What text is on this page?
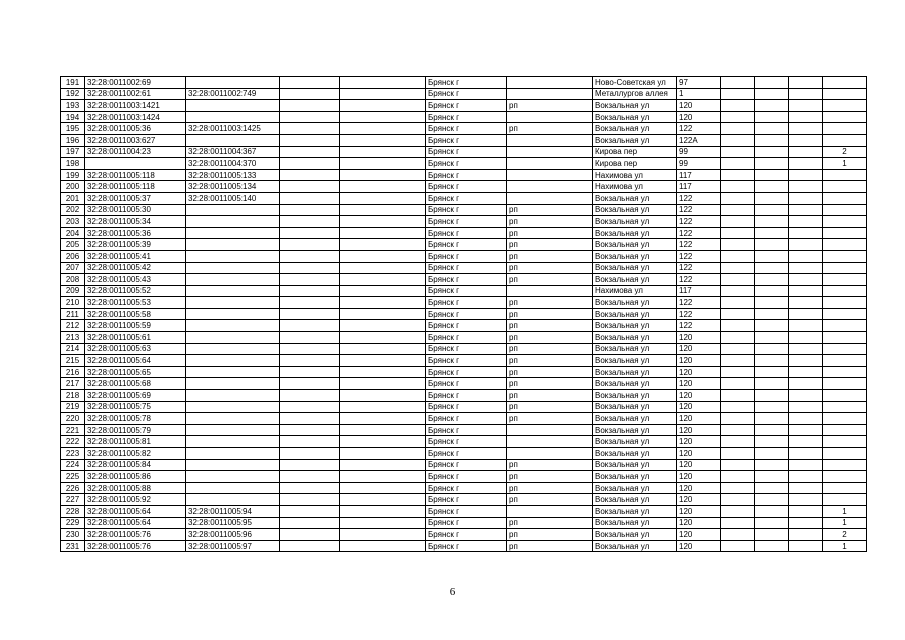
191	32:28:0011002:69				Брянск г		Ново-Советская ул	97				
192	32:28:0011002:61	32:28:0011002:749			Брянск г		Металлургов аллея	1				
193	32:28:0011003:1421				Брянск г	рп	Вокзальная ул	120				
194	32:28:0011003:1424				Брянск г		Вокзальная ул	120				
195	32:28:0011005:36	32:28:0011003:1425			Брянск г	рп	Вокзальная ул	122				
196	32:28:0011003:627				Брянск г		Вокзальная ул	122А				
197	32:28:0011004:23	32:28:0011004:367			Брянск г		Кирова пер	99				2
198		32:28:0011004:370			Брянск г		Кирова пер	99				1
199	32:28:0011005:118	32:28:0011005:133			Брянск г		Нахимова ул	117				
200	32:28:0011005:118	32:28:0011005:134			Брянск г		Нахимова ул	117				
201	32:28:0011005:37	32:28:0011005:140			Брянск г		Вокзальная ул	122				
202	32:28:0011005:30				Брянск г	рп	Вокзальная ул	122				
203	32:28:0011005:34				Брянск г	рп	Вокзальная ул	122				
204	32:28:0011005:36				Брянск г	рп	Вокзальная ул	122				
205	32:28:0011005:39				Брянск г	рп	Вокзальная ул	122				
206	32:28:0011005:41				Брянск г	рп	Вокзальная ул	122				
207	32:28:0011005:42				Брянск г	рп	Вокзальная ул	122				
208	32:28:0011005:43				Брянск г	рп	Вокзальная ул	122				
209	32:28:0011005:52				Брянск г		Нахимова ул	117				
210	32:28:0011005:53				Брянск г	рп	Вокзальная ул	122				
211	32:28:0011005:58				Брянск г	рп	Вокзальная ул	122				
212	32:28:0011005:59				Брянск г	рп	Вокзальная ул	122				
213	32:28:0011005:61				Брянск г	рп	Вокзальная ул	120				
214	32:28:0011005:63				Брянск г	рп	Вокзальная ул	120				
215	32:28:0011005:64				Брянск г	рп	Вокзальная ул	120				
216	32:28:0011005:65				Брянск г	рп	Вокзальная ул	120				
217	32:28:0011005:68				Брянск г	рп	Вокзальная ул	120				
218	32:28:0011005:69				Брянск г	рп	Вокзальная ул	120				
219	32:28:0011005:75				Брянск г	рп	Вокзальная ул	120				
220	32:28:0011005:78				Брянск г	рп	Вокзальная ул	120				
221	32:28:0011005:79				Брянск г		Вокзальная ул	120				
222	32:28:0011005:81				Брянск г		Вокзальная ул	120				
223	32:28:0011005:82				Брянск г		Вокзальная ул	120				
224	32:28:0011005:84				Брянск г	рп	Вокзальная ул	120				
225	32:28:0011005:86				Брянск г	рп	Вокзальная ул	120				
226	32:28:0011005:88				Брянск г	рп	Вокзальная ул	120				
227	32:28:0011005:92				Брянск г	рп	Вокзальная ул	120				
228	32:28:0011005:64	32:28:0011005:94			Брянск г		Вокзальная ул	120				1
229	32:28:0011005:64	32:28:0011005:95			Брянск г	рп	Вокзальная ул	120				1
230	32:28:0011005:76	32:28:0011005:96			Брянск г	рп	Вокзальная ул	120				2
231	32:28:0011005:76	32:28:0011005:97			Брянск г	рп	Вокзальная ул	120				1
6
